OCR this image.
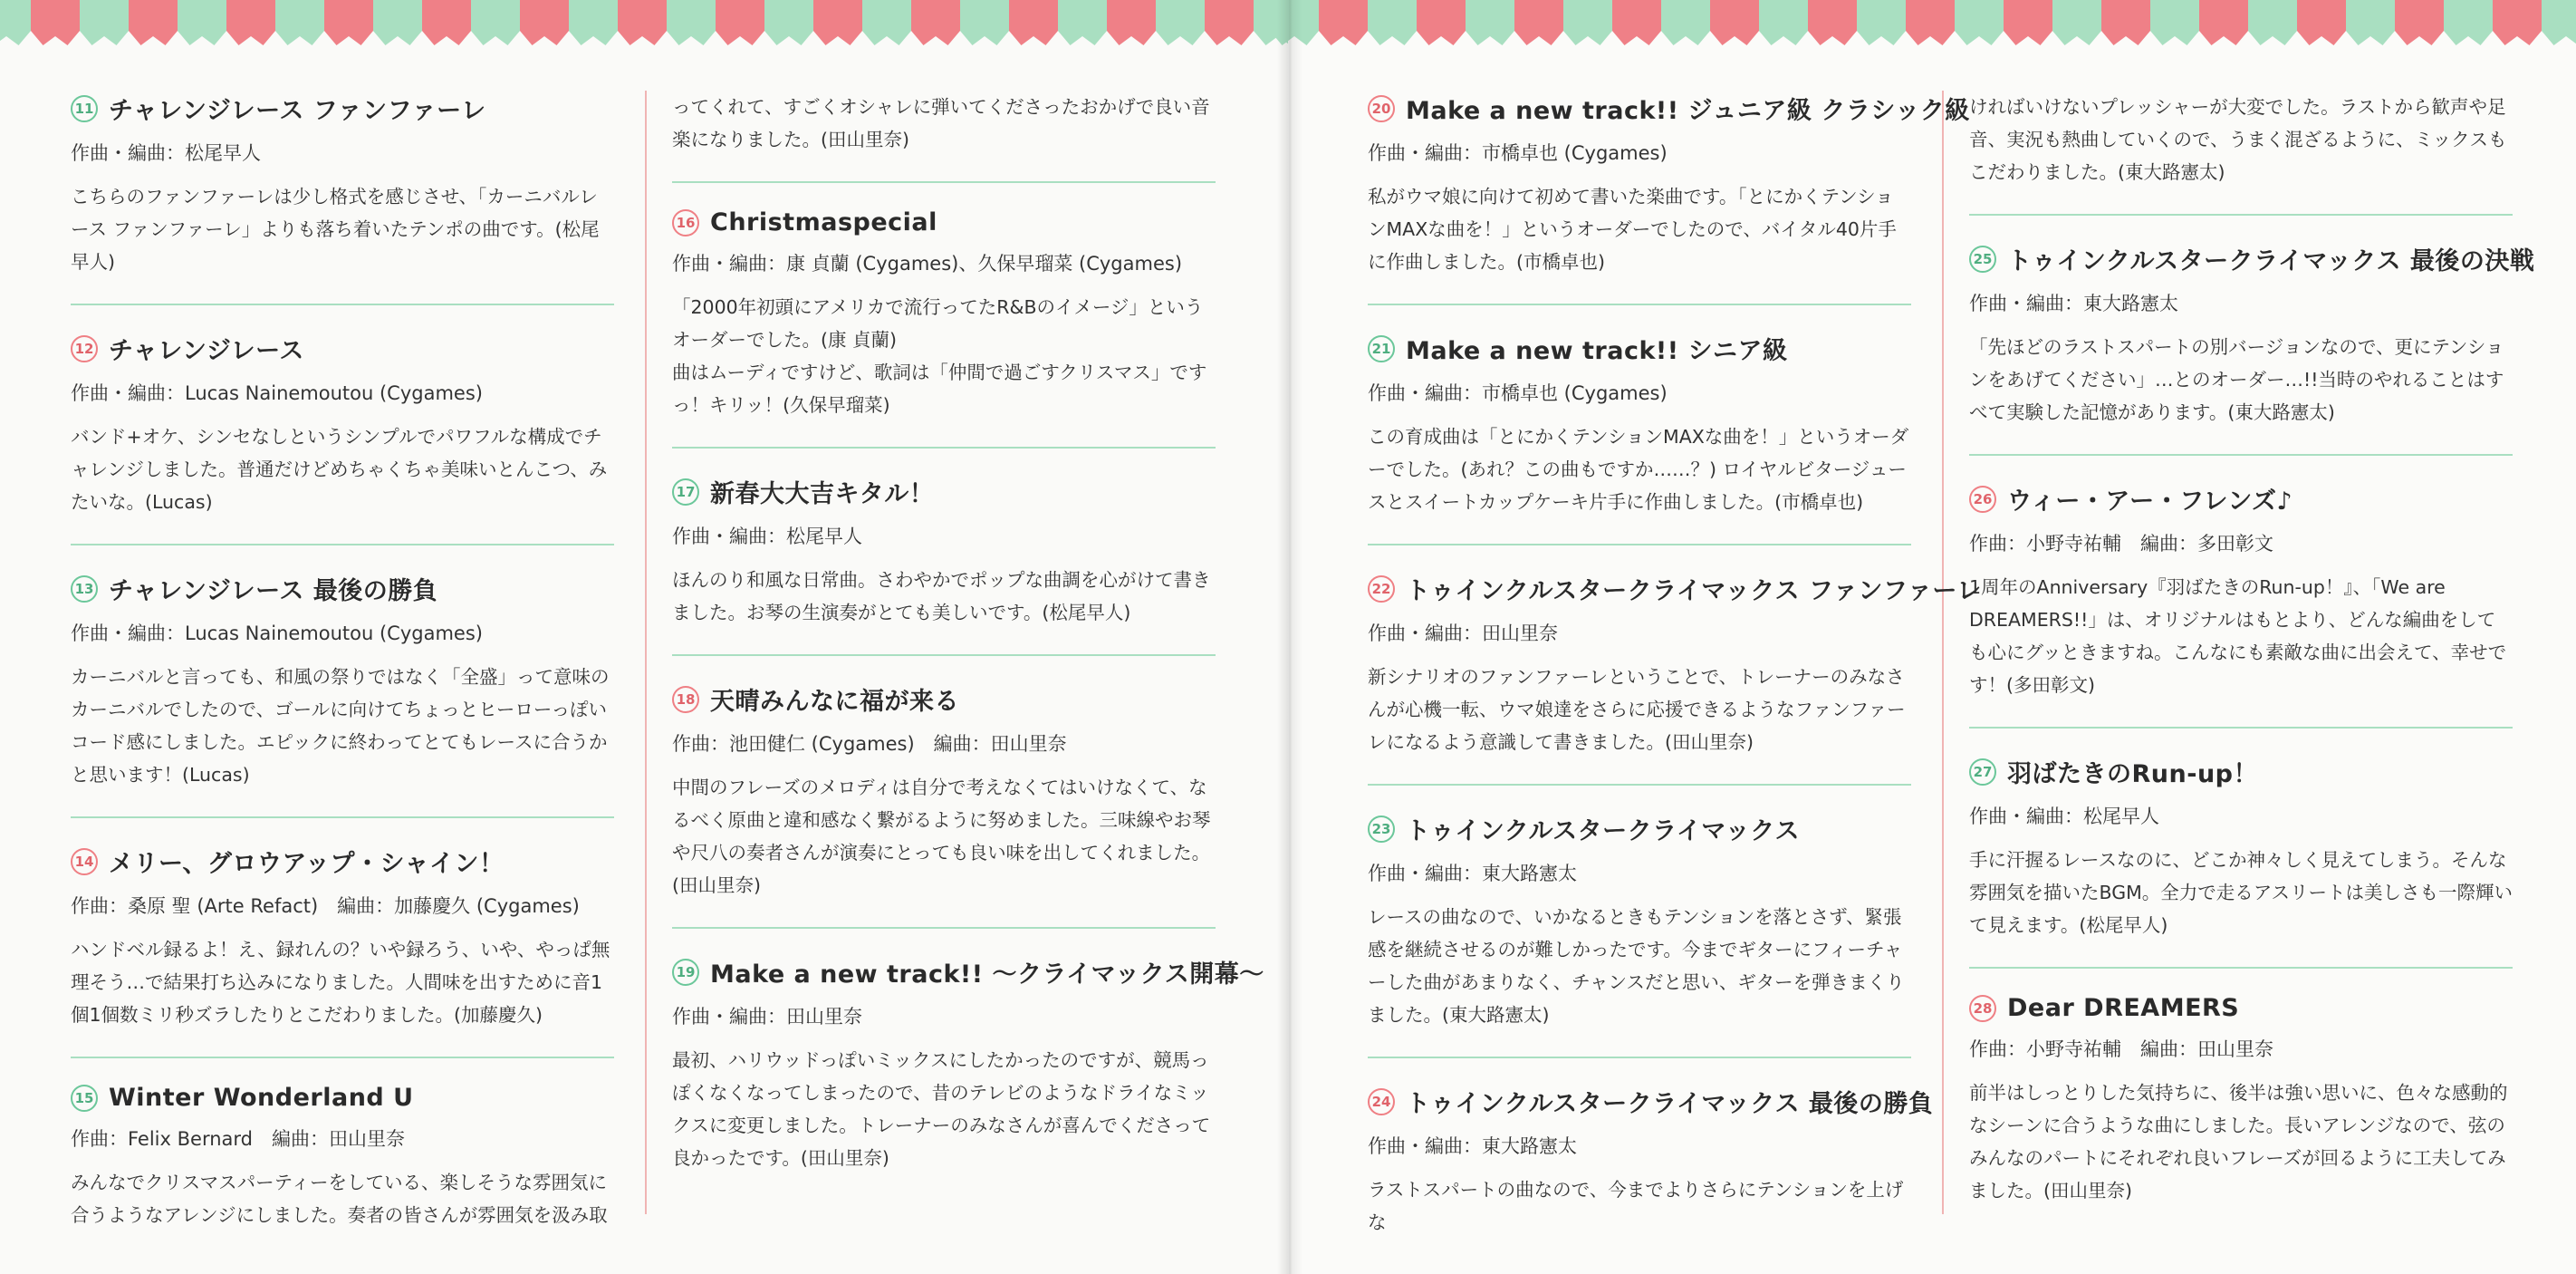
11 チャレンジレース ファンファーレ
作曲・編曲：松尾早人

こちらのファンファーレは少し格式を感じさせ、「カーニバルレース ファンファーレ」よりも落ち着いたテンポの曲です。(松尾早人)

12 チャレンジレース
作曲・編曲：Lucas Nainemoutou (Cygames)

バンド+オケ、シンセなしというシンプルでパワフルな構成でチャレンジしました。普通だけどめちゃくちゃ美味いとんこつ、みたいな。(Lucas)

13 チャレンジレース 最後の勝負
作曲・編曲：Lucas Nainemoutou (Cygames)

カーニバルと言っても、和風の祭りではなく「全盛」って意味のカーニバルでしたので、ゴールに向けてちょっとヒーローっぽいコード感にしました。エピックに終わってとてもレースに合うかと思います！(Lucas)

14 メリー、グロウアップ・シャイン！
作曲：桑原 聖 (Arte Refact)　編曲：加藤慶久 (Cygames)

ハンドベル録るよ！え、録れんの？いや録ろう、いや、やっぱ無理そう…で結果打ち込みになりました。人間味を出すために音1個1個数ミリ秒ズラしたりとこだわりました。(加藤慶久)

15 Winter Wonderland U
作曲：Felix Bernard　編曲：田山里奈

みんなでクリスマスパーティーをしている、楽しそうな雰囲気に合うようなアレンジにしました。奏者の皆さんが雰囲気を汲み取

ってくれて、すごくオシャレに弾いてくださったおかげで良い音楽になりました。(田山里奈)

16 Christmaspecial
作曲・編曲：康 貞蘭 (Cygames)、久保早瑠菜 (Cygames)

「2000年初頭にアメリカで流行ってたR&Bのイメージ」というオーダーでした。(康 貞蘭)
曲はムーディですけど、歌詞は「仲間で過ごすクリスマス」ですっ！キリッ！(久保早瑠菜)

17 新春大大吉キタル！
作曲・編曲：松尾早人

ほんのり和風な日常曲。さわやかでポップな曲調を心がけて書きました。お琴の生演奏がとても美しいです。(松尾早人)

18 天晴みんなに福が来る
作曲：池田健仁 (Cygames)　編曲：田山里奈

中間のフレーズのメロディは自分で考えなくてはいけなくて、なるべく原曲と違和感なく繋がるように努めました。三味線やお琴や尺八の奏者さんが演奏にとっても良い味を出してくれました。(田山里奈)

19 Make a new track!! 〜クライマックス開幕〜
作曲・編曲：田山里奈

最初、ハリウッドっぽいミックスにしたかったのですが、競馬っぽくなくなってしまったので、昔のテレビのようなドライなミックスに変更しました。トレーナーのみなさんが喜んでくださって良かったです。(田山里奈)

20 Make a new track!! ジュニア級 クラシック級
作曲・編曲：市橋卓也 (Cygames)

私がウマ娘に向けて初めて書いた楽曲です。「とにかくテンションMAXな曲を！」というオーダーでしたので、バイタル40片手に作曲しました。(市橋卓也)

21 Make a new track!! シニア級
作曲・編曲：市橋卓也 (Cygames)

この育成曲は「とにかくテンションMAXな曲を！」というオーダーでした。(あれ？この曲もですか……？) ロイヤルビタージュースとスイートカップケーキ片手に作曲しました。(市橋卓也)

22 トゥインクルスタークライマックス ファンファーレ
作曲・編曲：田山里奈

新シナリオのファンファーレということで、トレーナーのみなさんが心機一転、ウマ娘達をさらに応援できるようなファンファーレになるよう意識して書きました。(田山里奈)

23 トゥインクルスタークライマックス
作曲・編曲：東大路憲太

レースの曲なので、いかなるときもテンションを落とさず、緊張感を継続させるのが難しかったです。今までギターにフィーチャーした曲があまりなく、チャンスだと思い、ギターを弾きまくりました。(東大路憲太)

24 トゥインクルスタークライマックス 最後の勝負
作曲・編曲：東大路憲太

ラストスパートの曲なので、今までよりさらにテンションを上げな

ければいけないプレッシャーが大変でした。ラストから歓声や足音、実況も熱曲していくので、うまく混ざるように、ミックスもこだわりました。(東大路憲太)

25 トゥインクルスタークライマックス 最後の決戦
作曲・編曲：東大路憲太

「先ほどのラストスパートの別バージョンなので、更にテンションをあげてください」…とのオーダー…!!当時のやれることはすべて実験した記憶があります。(東大路憲太)

26 ウィー・アー・フレンズ♪
作曲：小野寺祐輔　編曲：多田彰文

1周年のAnniversary『羽ばたきのRun-up！』、「We are DREAMERS!!」は、オリジナルはもとより、どんな編曲をしても心にグッときますね。こんなにも素敵な曲に出会えて、幸せです！(多田彰文)

27 羽ばたきのRun-up！
作曲・編曲：松尾早人

手に汗握るレースなのに、どこか神々しく見えてしまう。そんな雰囲気を描いたBGM。全力で走るアスリートは美しさも一際輝いて見えます。(松尾早人)

28 Dear DREAMERS
作曲：小野寺祐輔　編曲：田山里奈

前半はしっとりした気持ちに、後半は強い思いに、色々な感動的なシーンに合うような曲にしました。長いアレンジなので、弦のみんなのパートにそれぞれ良いフレーズが回るように工夫してみました。(田山里奈)
